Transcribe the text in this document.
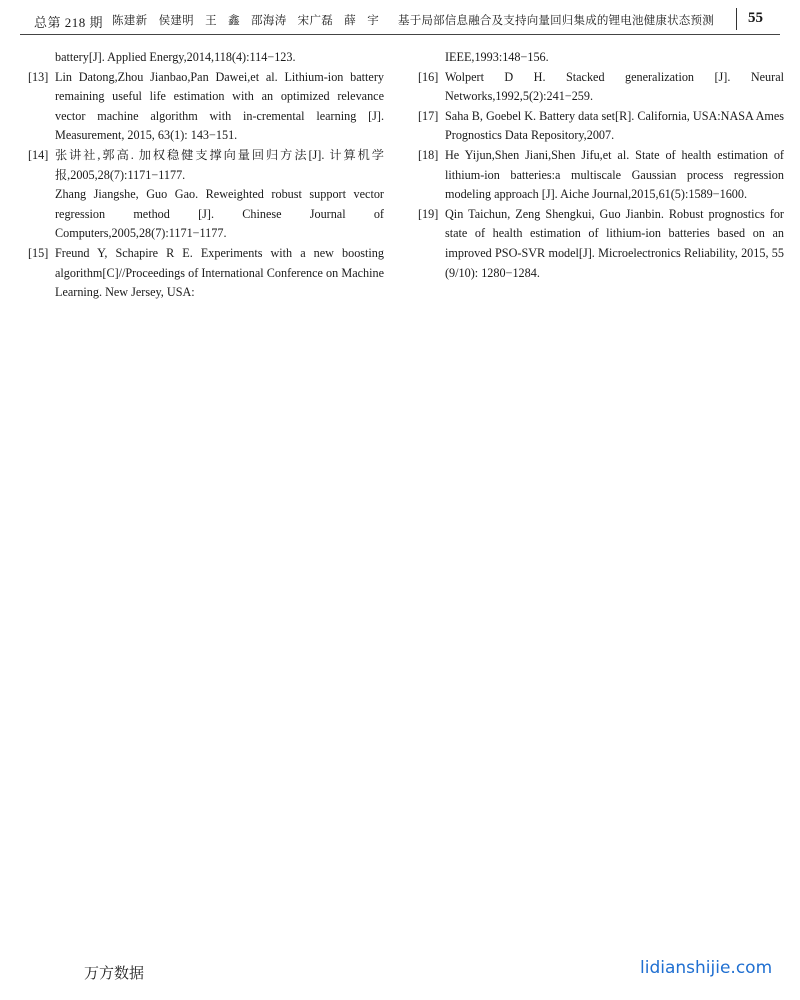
总第 218 期 陈建新 侯建明 王 鑫 邵海涛 宋广磊 薛 宇 基于局部信息融合及支持向量回归集成的锂电池健康状态预测 55

battery[J]. Applied Energy,2014,118(4):114−123.

[13] Lin Datong,Zhou Jianbao,Pan Dawei,et al. Lithium-ion battery remaining useful life estimation with an optimized relevance vector machine algorithm with in-cremental learning [J]. Measurement, 2015, 63(1): 143−151.

[14] 张讲社,郭高. 加权稳健支撑向量回归方法[J]. 计算机学报,2005,28(7):1171−1177.
Zhang Jiangshe, Guo Gao. Reweighted robust support vector regression method [J]. Chinese Journal of Computers,2005,28(7):1171−1177.

[15] Freund Y, Schapire R E. Experiments with a new boosting algorithm[C]//Proceedings of International Conference on Machine Learning. New Jersey, USA:

IEEE,1993:148−156.

[16] Wolpert D H. Stacked generalization [J]. Neural Networks,1992,5(2):241−259.

[17] Saha B, Goebel K. Battery data set[R]. California, USA:NASA Ames Prognostics Data Repository,2007.

[18] He Yijun,Shen Jiani,Shen Jifu,et al. State of health estimation of lithium-ion batteries:a multiscale Gaussian process regression modeling approach [J]. Aiche Journal,2015,61(5):1589−1600.

[19] Qin Taichun, Zeng Shengkui, Guo Jianbin. Robust prognostics for state of health estimation of lithium-ion batteries based on an improved PSO-SVR model[J]. Microelectronics Reliability, 2015, 55 (9/10): 1280−1284.

万方数据	lidianshijie.com
